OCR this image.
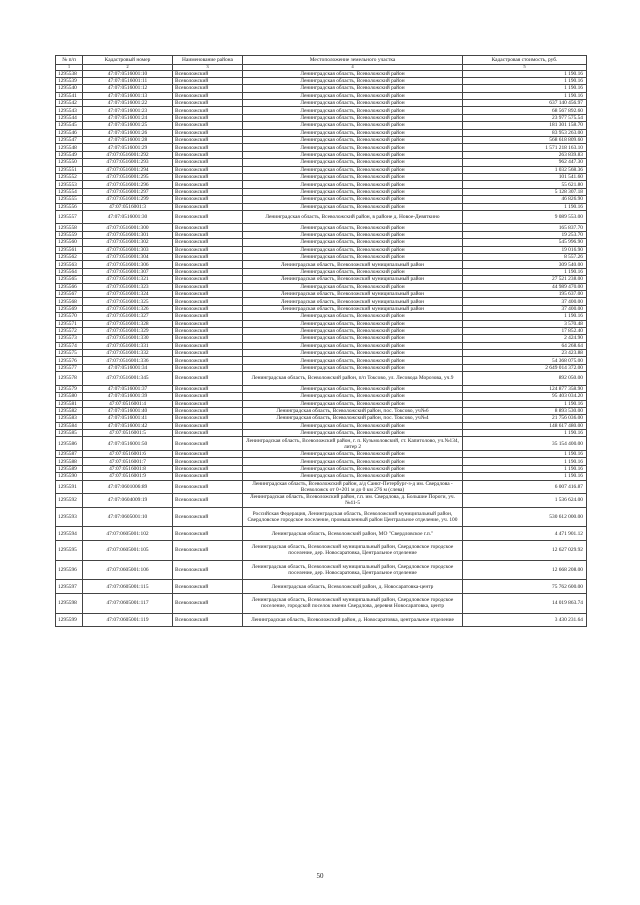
№ п/п	Кадастровый номер	Наименование района	Местоположение земельного участка	Кадастровая стоимость, руб.
1	2	3	4	5
1295538	47:07:0516001:10	Всеволожский	Ленинградская область, Всеволожский район	1 190.16
1295539	47:07:0516001:11	Всеволожский	Ленинградская область, Всеволожский район	1 190.16
1295540	47:07:0516001:12	Всеволожский	Ленинградская область, Всеволожский район	1 190.16
1295541	47:07:0516001:13	Всеволожский	Ленинградская область, Всеволожский район	1 190.16
1295542	47:07:0516001:22	Всеволожский	Ленинградская область, Всеволожский район	637 140 456.97
1295543	47:07:0516001:23	Всеволожский	Ленинградская область, Всеволожский район	68 567 892.60
1295544	47:07:0516001:24	Всеволожский	Ленинградская область, Всеволожский район	23 977 575.54
1295545	47:07:0516001:25	Всеволожский	Ленинградская область, Всеволожский район	181 301 158.70
1295546	47:07:0516001:26	Всеволожский	Ленинградская область, Всеволожский район	83 953 263.00
1295547	47:07:0516001:28	Всеволожский	Ленинградская область, Всеволожский район	568 618 809.60
1295548	47:07:0516001:29	Всеволожский	Ленинградская область, Всеволожский район	1 571 218 163.10
1295549	47:07:0516001:292	Всеволожский	Ленинградская область, Всеволожский район	263 839.83
1295550	47:07:0516001:293	Всеволожский	Ленинградская область, Всеволожский район	962 447.30
1295551	47:07:0516001:294	Всеволожский	Ленинградская область, Всеволожский район	1 032 568.36
1295552	47:07:0516001:295	Всеволожский	Ленинградская область, Всеволожский район	101 541.60
1295553	47:07:0516001:296	Всеволожский	Ленинградская область, Всеволожский район	55 621.80
1295554	47:07:0516001:297	Всеволожский	Ленинградская область, Всеволожский район	5 128 307.18
1295555	47:07:0516001:299	Всеволожский	Ленинградская область, Всеволожский район	46 826.90
1295556	47:07:0516001:3	Всеволожский	Ленинградская область, Всеволожский район	1 190.16
1295557	47:07:0516001:30	Всеволожский	Ленинградская область, Всеволожский район, в районе д. Новое-Девяткино	9 089 553.00
1295558	47:07:0516001:300	Всеволожский	Ленинградская область, Всеволожский район	165 837.70
1295559	47:07:0516001:301	Всеволожский	Ленинградская область, Всеволожский район	19 253.70
1295560	47:07:0516001:302	Всеволожский	Ленинградская область, Всеволожский район	545 996.90
1295561	47:07:0516001:303	Всеволожский	Ленинградская область, Всеволожский район	19 016.90
1295562	47:07:0516001:304	Всеволожский	Ленинградская область, Всеволожский район	8 557.26
1295563	47:07:0516001:306	Всеволожский	Ленинградская область, Всеволожский муниципальный район	309 540.00
1295564	47:07:0516001:307	Всеволожский	Ленинградская область, Всеволожский район	1 190.16
1295565	47:07:0516001:321	Всеволожский	Ленинградская область, Всеволожский муниципальный район	27 521 238.00
1295566	47:07:0516001:323	Всеволожский	Ленинградская область, Всеволожский район	44 989 470.00
1295567	47:07:0516001:324	Всеволожский	Ленинградская область, Всеволожский муниципальный район	195 637.00
1295568	47:07:0516001:325	Всеволожский	Ленинградская область, Всеволожский муниципальный район	37 400.00
1295569	47:07:0516001:326	Всеволожский	Ленинградская область, Всеволожский муниципальный район	37 400.00
1295570	47:07:0516001:327	Всеволожский	Ленинградская область, Всеволожский район	1 190.16
1295571	47:07:0516001:328	Всеволожский	Ленинградская область, Всеволожский район	3 570.48
1295572	47:07:0516001:329	Всеволожский	Ленинградская область, Всеволожский район	17 852.40
1295573	47:07:0516001:330	Всеволожский	Ленинградская область, Всеволожский район	2 424.90
1295574	47:07:0516001:331	Всеволожский	Ленинградская область, Всеволожский район	64 268.64
1295575	47:07:0516001:332	Всеволожский	Ленинградская область, Всеволожский район	23 423.88
1295576	47:07:0516001:336	Всеволожский	Ленинградская область, Всеволожский район	54 368 075.00
1295577	47:07:0516001:34	Всеволожский	Ленинградская область, Всеволожский район	2 649 014 372.00
1295578	47:07:0516001:345	Всеволожский	Ленинградская область, Всеволожский район, п/п Токсово, ул. Лесовода Морозова, уч.9	892 050.00
1295579	47:07:0516001:37	Всеволожский	Ленинградская область, Всеволожский район	124 877 358.90
1295580	47:07:0516001:39	Всеволожский	Ленинградская область, Всеволожский район	95 403 034.20
1295581	47:07:0516001:4	Всеволожский	Ленинградская область, Всеволожский район	1 190.16
1295582	47:07:0516001:40	Всеволожский	Ленинградская область, Всеволожский район, пос. Токсово, уч№6	8 893 530.00
1295583	47:07:0516001:41	Всеволожский	Ленинградская область, Всеволожский район, пос. Токсово, уч№4	21 756 036.00
1295584	47:07:0516001:42	Всеволожский	Ленинградская область, Всеволожский район	148 617 480.00
1295585	47:07:0516001:5	Всеволожский	Ленинградская область, Всеволожский район	1 190.16
1295586	47:07:0516001:50	Всеволожский	Ленинградская область, Всеволожский район, г. п. Кузьмоловский, ст. Капитолово, уч.№134, литер 2	35 154 400.00
1295587	47:07:0516001:6	Всеволожский	Ленинградская область, Всеволожский район	1 190.16
1295588	47:07:0516001:7	Всеволожский	Ленинградская область, Всеволожский район	1 190.16
1295589	47:07:0516001:8	Всеволожский	Ленинградская область, Всеволожский район	1 190.16
1295590	47:07:0516001:9	Всеволожский	Ленинградская область, Всеволожский район	1 190.16
1295591	47:07:0601006:89	Всеволожский	Ленинградская область, Всеволожский район, а/д Санкт-Петербург-з-д им. Свердлова - Всеволожск от 0+201 м до 0 км 276 м (слева)	6 007 416.87
1295592	47:07:0604009:19	Всеволожский	Ленинградская область, Всеволожский район, г.п. им. Свердлова, д. Большие Пороги, уч.№41-5	1 536 624.00
1295593	47:07:0605001:10	Всеволожский	Российская Федерация, Ленинградская область, Всеволожский муниципальный район, Свердловское городское поселение, промышленный район Центральное отделение, уч. 100	530 612 000.00
1295594	47:07:0605001:102	Всеволожский	Ленинградская область, Всеволожский район, МО "Свердловское г.п."	4 471 901.12
1295595	47:07:0605001:105	Всеволожский	Ленинградская область, Всеволожский муниципальный район, Свердловское городское поселение, дер. Новосаратовка, Центральное отделение	12 627 029.92
1295596	47:07:0605001:106	Всеволожский	Ленинградская область, Всеволожский муниципальный район, Свердловское городское поселение, дер. Новосаратовка, Центральное отделение	12 668 208.00
1295597	47:07:0605001:115	Всеволожский	Ленинградская область, Всеволожский район, д. Новосаратовка-центр	75 762 600.00
1295598	47:07:0605001:117	Всеволожский	Ленинградская область, Всеволожский муниципальный район, Свердловское городское поселение, городской поселок имени Свердлова, деревня Новосаратовка, центр	14 019 863.74
1295599	47:07:0605001:119	Всеволожский	Ленинградская область, Всеволожский район, д. Новосаратовка, центральное отделение	3 430 231.64
50
